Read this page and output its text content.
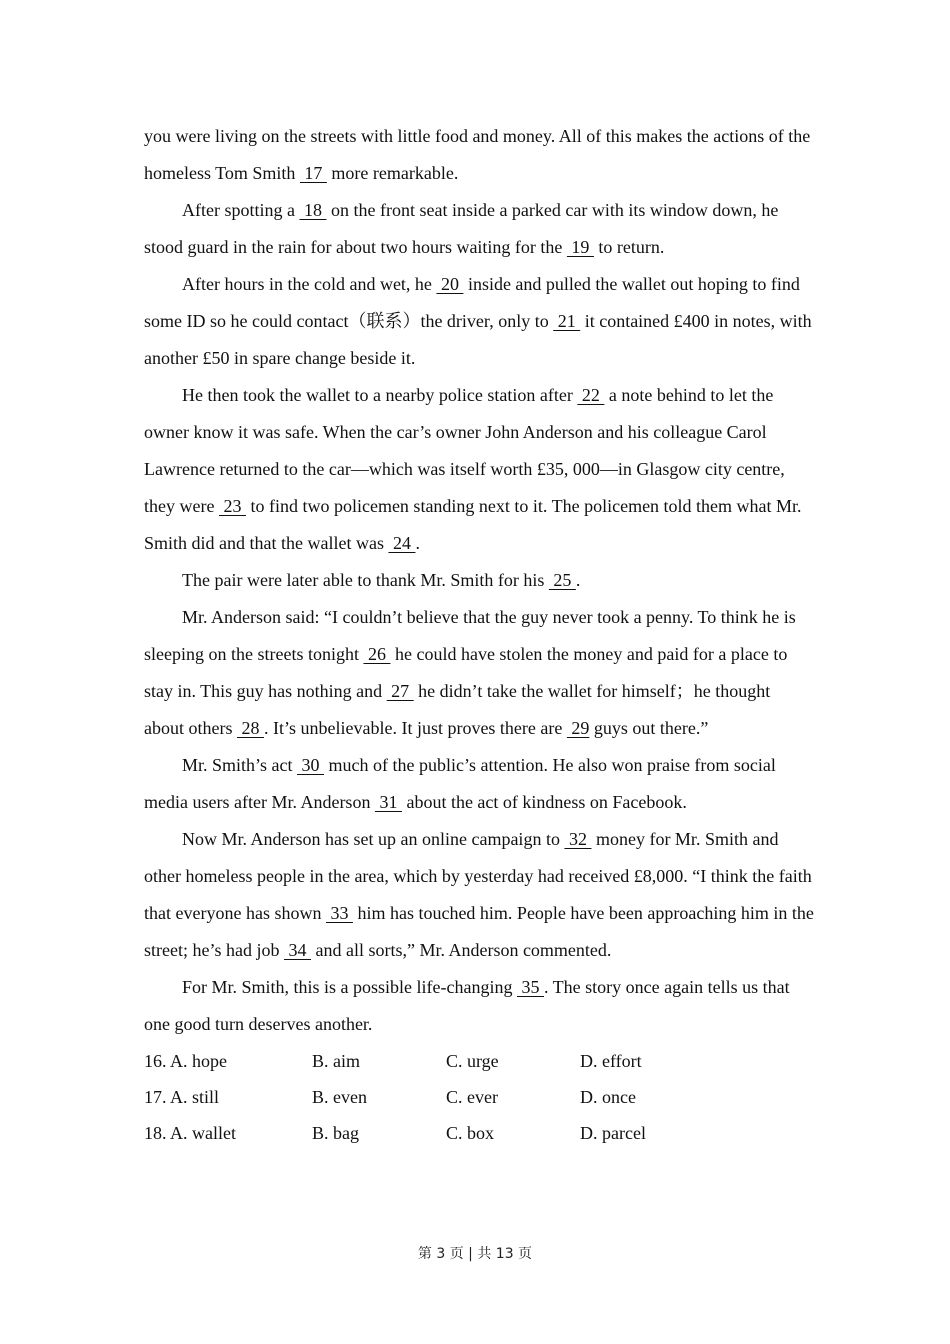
you were living on the streets with little food and money. All of this makes the actions of the homeless Tom Smith  17  more remarkable.

After spotting a  18  on the front seat inside a parked car with its window down, he stood guard in the rain for about two hours waiting for the  19  to return.

After hours in the cold and wet, he  20  inside and pulled the wallet out hoping to find some ID so he could contact（联系）the driver, only to  21  it contained £400 in notes, with another £50 in spare change beside it.

He then took the wallet to a nearby police station after  22  a note behind to let the owner know it was safe. When the car’s owner John Anderson and his colleague Carol Lawrence returned to the car—which was itself worth £35, 000—in Glasgow city centre, they were  23  to find two policemen standing next to it. The policemen told them what Mr. Smith did and that the wallet was  24 .

The pair were later able to thank Mr. Smith for his  25 .

Mr. Anderson said: “I couldn’t believe that the guy never took a penny. To think he is sleeping on the streets tonight  26  he could have stolen the money and paid for a place to stay in. This guy has nothing and  27  he didn’t take the wallet for himself；he thought about others  28 . It’s unbelievable. It just proves there are  29 guys out there.”

Mr. Smith’s act  30  much of the public’s attention. He also won praise from social media users after Mr. Anderson  31  about the act of kindness on Facebook.

Now Mr. Anderson has set up an online campaign to  32  money for Mr. Smith and other homeless people in the area, which by yesterday had received £8,000. “I think the faith that everyone has shown  33  him has touched him. People have been approaching him in the street; he’s had job  34  and all sorts,” Mr. Anderson commented.

For Mr. Smith, this is a possible life-changing  35 . The story once again tells us that one good turn deserves another.

16. A. hope	B. aim	C. urge	D. effort
17. A. still	B. even	C. ever	D. once
18. A. wallet	B. bag	C. box	D. parcel
第 3 页 | 共 13 页
